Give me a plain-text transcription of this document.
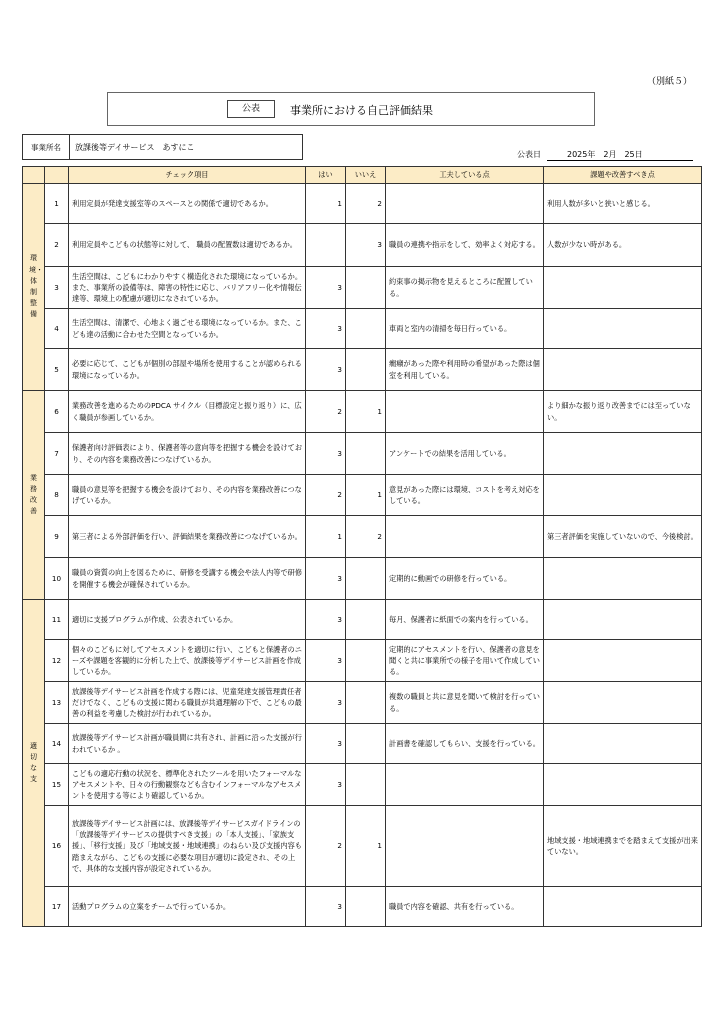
（別紙５）
公表	事業所における自己評価結果
事業所名	放課後等デイサービス　あすにこ
公表日	2025年　2月　25日
		チェック項目	はい	いいえ	工夫している点	課題や改善すべき点

環境・体制整備	1	利用定員が発達支援室等のスペースとの関係で適切であるか。	1	2		利用人数が多いと狭いと感じる。
	2	利用定員やこどもの状態等に対して、 職員の配置数は適切であるか。		3	職員の連携や指示をして、効率よく対応する。	人数が少ない時がある。
	3	生活空間は、こどもにわかりやすく構造化された環境になっているか。また、事業所の設備等は、障害の特性に応じ、バリアフリー化や情報伝達等、環境上の配慮が適切になされているか。	3		約束事の掲示物を見えるところに配置している。	
	4	生活空間は、清潔で、心地よく過ごせる環境になっているか。また、こども達の活動に合わせた空間となっているか。	3		車両と室内の清掃を毎日行っている。	
	5	必要に応じて、こどもが個別の部屋や場所を使用することが認められる環境になっているか。	3		癇癪があった際や利用時の希望があった際は個室を利用している。	

業務改善	6	業務改善を進めるためのPDCA サイクル（目標設定と振り返り）に、広く職員が参画しているか。	2	1		より細かな振り返り改善までには至っていない。
	7	保護者向け評価表により、保護者等の意向等を把握する機会を設けており、その内容を業務改善につなげているか。	3		アンケートでの結果を活用している。	
	8	職員の意見等を把握する機会を設けており、その内容を業務改善につなげているか。	2	1	意見があった際には環境、コストを考え対応をしている。	
	9	第三者による外部評価を行い、評価結果を業務改善につなげているか。	1	2		第三者評価を実施していないので、今後検討。
	10	職員の資質の向上を図るために、研修を受講する機会や法人内等で研修を開催する機会が確保されているか。	3		定期的に動画での研修を行っている。	

適切な支	11	適切に支援プログラムが作成、公表されているか。	3		毎月、保護者に紙面での案内を行っている。	
	12	個々のこどもに対してアセスメントを適切に行い、こどもと保護者のニーズや課題を客観的に分析した上で、放課後等デイサービス計画を作成しているか。	3		定期的にアセスメントを行い、保護者の意見を聞くと共に事業所での様子を用いて作成している。	
	13	放課後等デイサービス計画を作成する際には、児童発達支援管理責任者だけでなく、こどもの支援に関わる職員が共通理解の下で、こどもの最善の利益を考慮した検討が行われているか。	3		複数の職員と共に意見を聞いて検討を行っている。	
	14	放課後等デイサービス計画が職員間に共有され、計画に沿った支援が行われているか 。	3		計画書を確認してもらい、支援を行っている。	
	15	こどもの適応行動の状況を、標準化されたツールを用いたフォーマルなアセスメントや、日々の行動観察なども含むインフォーマルなアセスメントを使用する等により確認しているか。	3			
	16	放課後等デイサービス計画には、放課後等デイサービスガイドラインの「放課後等デイサービスの提供すべき支援」の「本人支援」、「家族支援」、「移行支援」及び「地域支援・地域連携」のねらい及び支援内容も踏まえながら、こどもの支援に必要な項目が適切に設定され、その上で、具体的な支援内容が設定されているか。	2	1		地域支援・地域連携までを踏まえて支援が出来ていない。
	17	活動プログラムの立案をチームで行っているか。	3		職員で内容を確認、共有を行っている。	
